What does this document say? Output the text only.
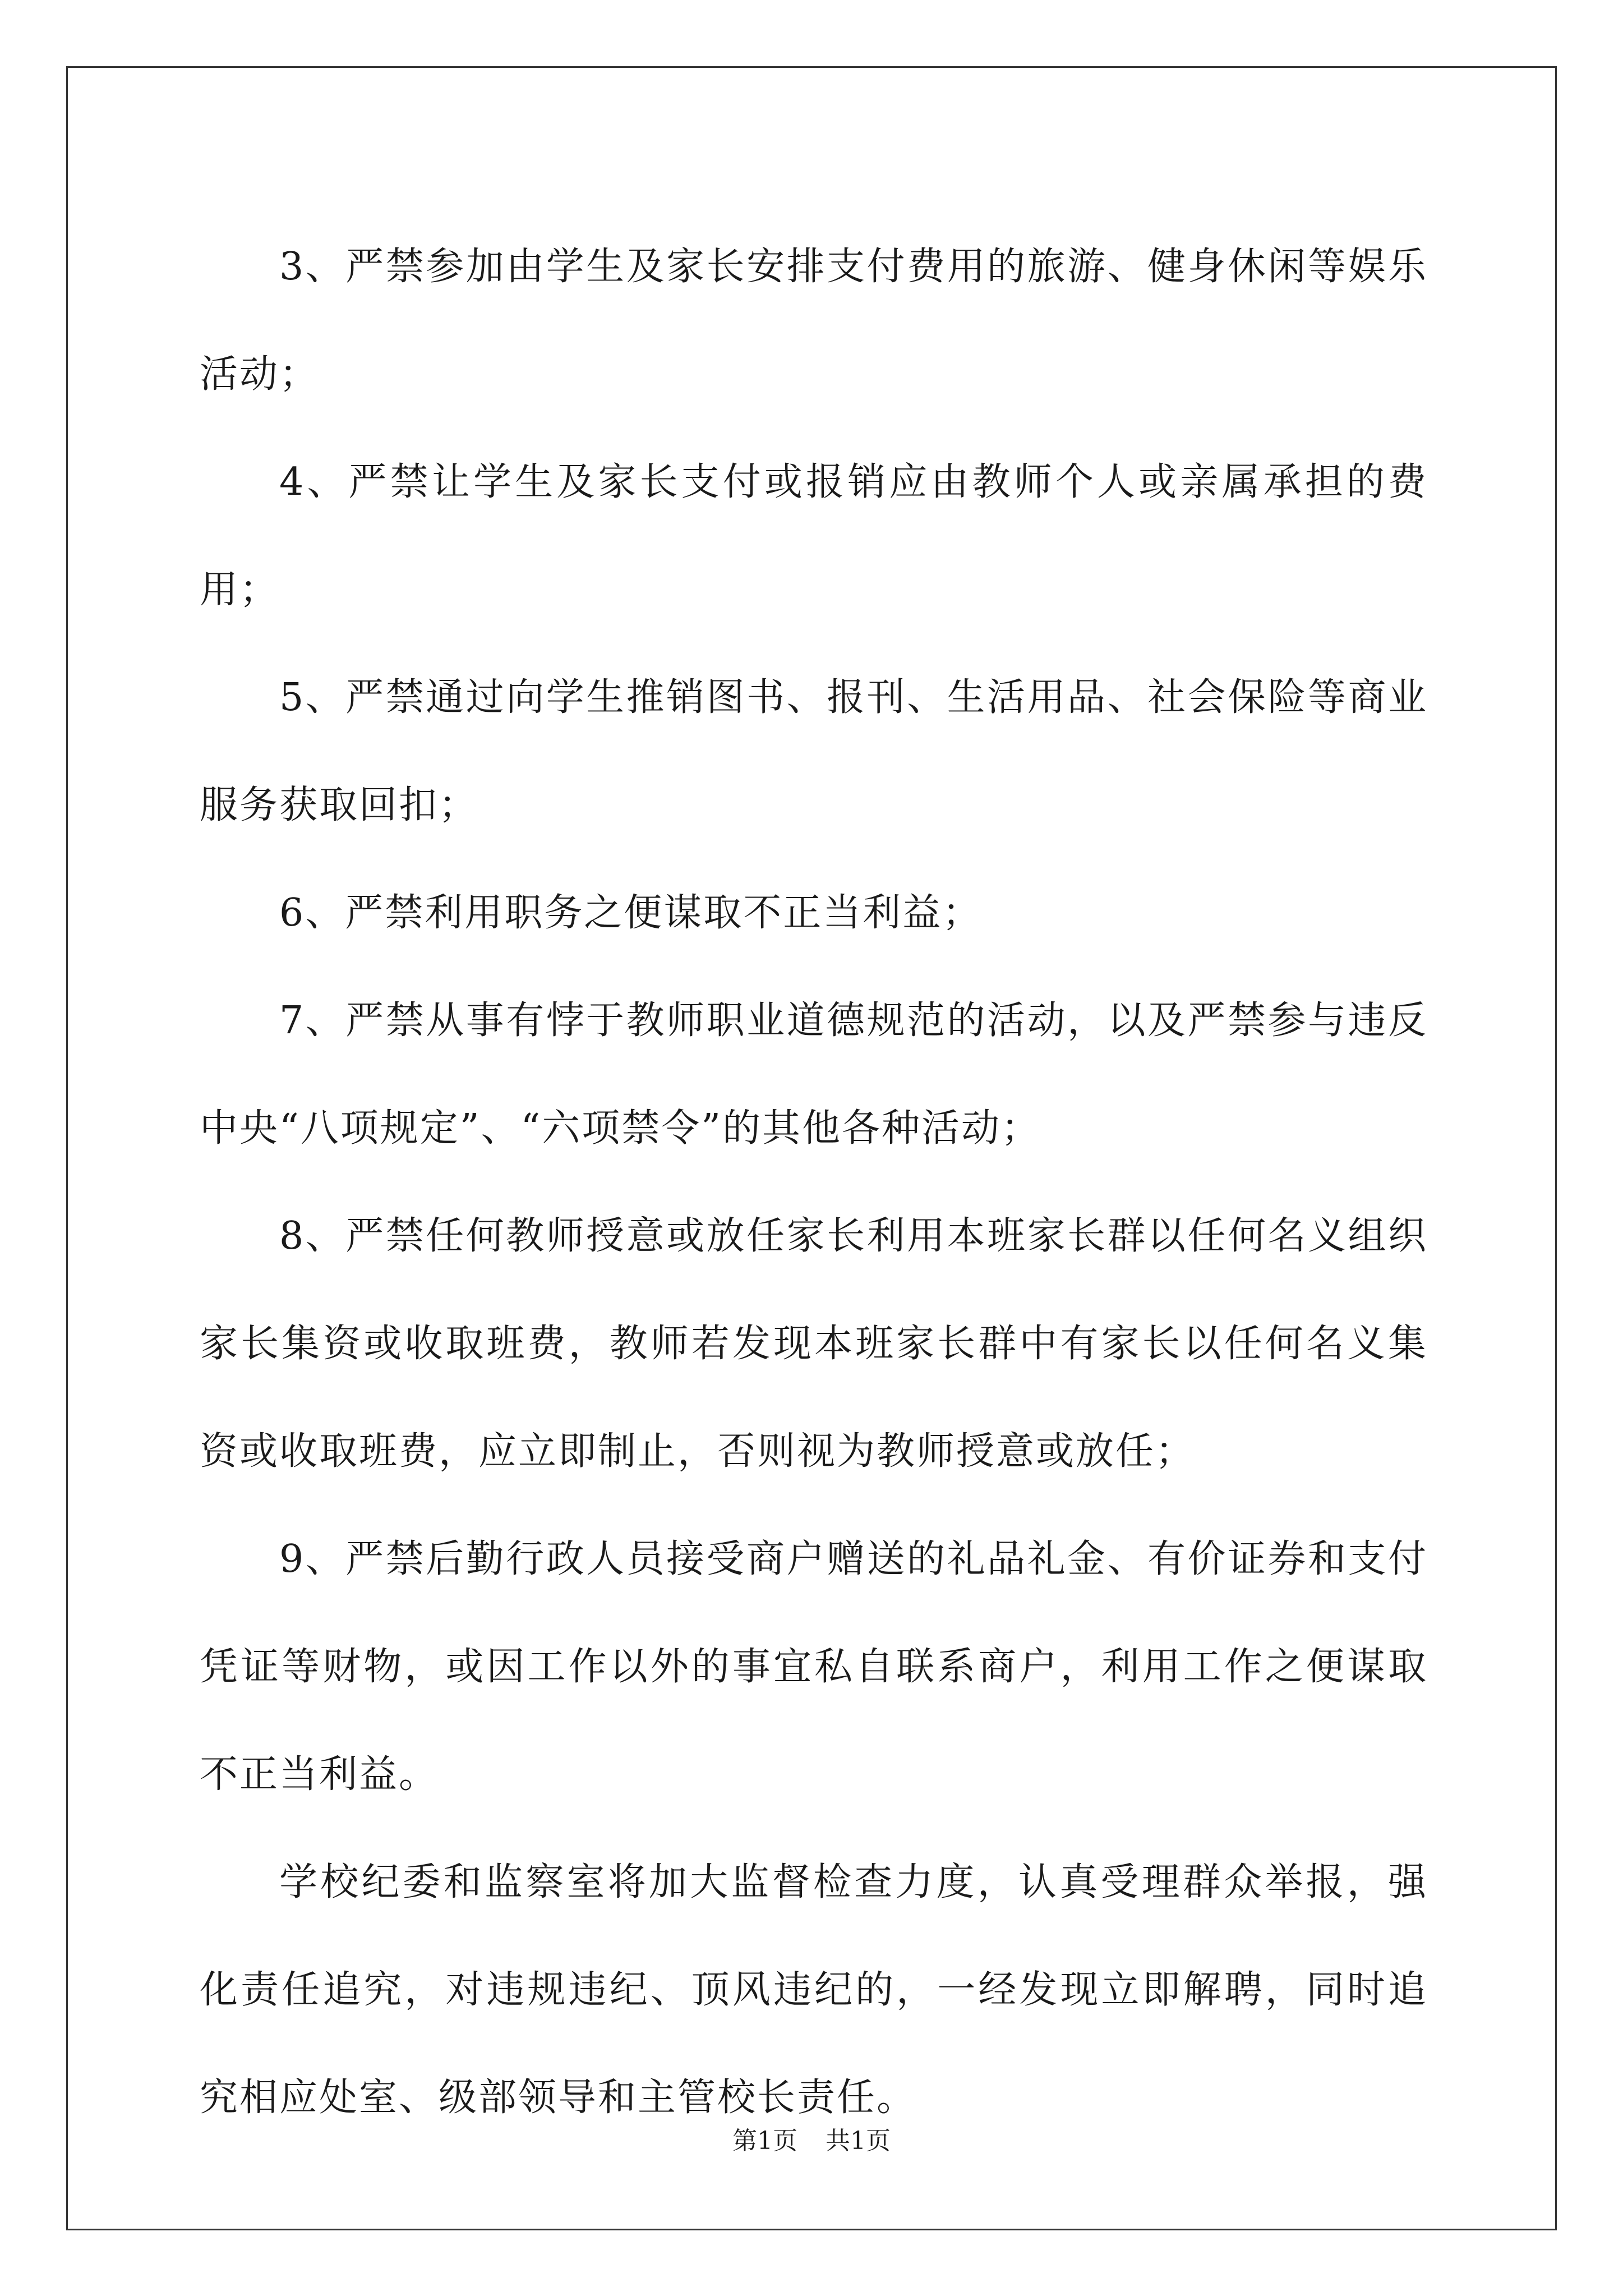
3、严禁参加由学生及家长安排支付费用的旅游、健身休闲等娱乐活动；

4、严禁让学生及家长支付或报销应由教师个人或亲属承担的费用；

5、严禁通过向学生推销图书、报刊、生活用品、社会保险等商业服务获取回扣；

6、严禁利用职务之便谋取不正当利益；

7、严禁从事有悖于教师职业道德规范的活动，以及严禁参与违反中央“八项规定”、“六项禁令”的其他各种活动；

8、严禁任何教师授意或放任家长利用本班家长群以任何名义组织家长集资或收取班费，教师若发现本班家长群中有家长以任何名义集资或收取班费，应立即制止，否则视为教师授意或放任；

9、严禁后勤行政人员接受商户赠送的礼品礼金、有价证券和支付凭证等财物，或因工作以外的事宜私自联系商户，利用工作之便谋取不正当利益。

学校纪委和监察室将加大监督检查力度，认真受理群众举报，强化责任追究，对违规违纪、顶风违纪的，一经发现立即解聘，同时追究相应处室、级部领导和主管校长责任。

第1页 共1页
